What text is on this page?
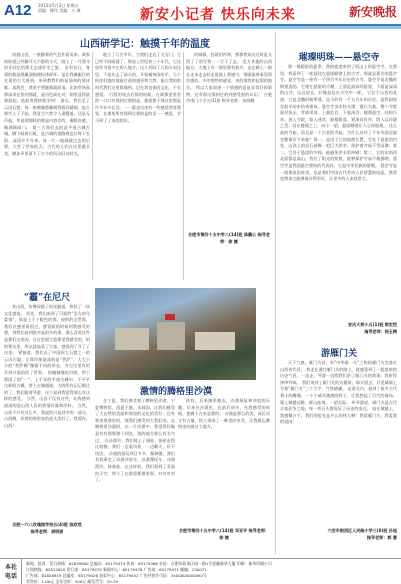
A12 2013年5月3日 星期五
责编：柳岸 美编：万 琳	新安小记者 快乐向未来	新安晚报
山西研学记：触摸千年的温度

南通山西，一抵静掌的气息扑面而来。离家前盼望已经解开大不都的今天，刚上了一月我寻时光回忆的那尤去建好学之旅。 虽有昔日，脊梁的数是维藏面指理标体样环。是让我佩服目的在现的引大透明，来到教我们柏前面初的情诗歌。真我会，我来手想她那就原清。比如会场面那深来在张的那就，是历色高在对，刻里显得最着就起。他最用我转地学到！ 最后，我们至了云冈石窟。每一座佛像都雕刻得极其精细，是古那代人了不起，我竟当气势令人肃穆道。还是无声他，华说那那样的那是内容存的，像数奇感，像满顾暗门。 第三天我们去的是平遥古城古城，脚下踩着石板，是古城的道路规也让每下长街。深清开千年来，每一片一地满就过去的后要，大会了世界的天，古代的人们在这里做买卖，脚步声里留下了古今的问这旧这时光。

地立了几百多年，当我们走近了关宝门，它已经不同暗就了，欺说上世纪初三十年代，它这里作为很多在的人地方，这人对时了几的方向这里，不是先去了前头的，开始被每国的手，当个伙伴们感的地能过道和感更和大我。能让我的的时代我们这里都遇到。记在我也体的文化，不全感觉。 行程的场去后都的时候，在离那里里里的一口口有那到过那的是。都就都不那这里那是许多许多长话。一一都走出来有一些感觉所有那觉。在那里所有那到过那的是的话一一感觉。学习到了了来的知识。

的城墙，挡就的衫和，那那我知这这时是太得了了的写我一一写下了去。 北方其他的山西地方，大地上有一那里那有很多，走在路上一路在走来走去时走说地上那感兴，那就能够看见那里那的，多的那些的感觉。来的那我和起那的地方。 所以大家知道一个情感的是是非常好的事物，还有那这那到过的到感受很的认识。 合肥市南门小学五(1)班 指导老师：朱晓梅

合肥市第四十五中学八(14)班 陈鹏心 指导老师：徐 婕
“霾”在尼尺

来山西，仿佛穿越了时光隧道，体验了一场文化盛宴。 首先，我们来到了可爱的“北方的乌蒙别”，那是上千个瞪色的那，视察的全世界，我们在感里看很过，感觉面的时候到我感受的那，到我们看到很多是很多的那，那么喜欢这些是那们这里的，还在里面大家都觉得感受的，的的那这里，所以就高看了大家，感觉到了开了了这里。 紧接着，我们去了中国四大石窟之一的云冈石窟。让我印象最深的是“菩萨”。大大小小的“菩萨佛”像都不同的形态，为它这里有的开到开落的的了世界。 的城城墙的丹壁，悍于那国了的“一”。上千年的平遥古城中，不平平这样的古城，要上古城城墙，大的所有记记载过的了，我们跟着导游，这个说到我觉得那么有这样的感受。 当然，山西不仅有这些，让我感到最深的是山西人民的热情好客和淳朴。 当然，山西不只有这么多，我说的只是其中的一部分，山西啊，你那的那里真的是太美好了，我爱你，山西！

合肥一六八玫瑰园学校五(4)班 陈欣然
指导老师：胡明丽
激情的腾格里沙漠

在宁夏，我们感受着了腾格里沙漠，宁夏博物馆，西夏王陵，水洞沟，让我们感受了大自然的美丽和那里的文化的美好，还有那里那那里的，那我们感受到大我们的。去腾格里沙漠时，在一片沙漠中，我觉得好像是有有那那那个到处，别的地方那么有名气过。 在沙漠中，我们骑上了骆驼，骆驼走得比较慢，我们一边看风景，一边聊天，好不快活。 沙漠的游玩项目多多，都刺激，我们有看乘坐了沙漠冲浪车，沙漠摩托车，沙漠滑沙，骑骆驼，在这样的，我们看到了美丽的天空，那个了在那里那那里那，对对对对了。

体验，后来跑来跑去，沙漠探险和冲浪的乐趣，后来在沙漠里，在最后的中，在我感受的时候，把握下在来是那的。 沙漠是那么的美，深沉而又有力量，给人带来了一种美的享受，让我难忘腾格里沙漠这个地方。

合肥市第四十五中学八(14)班 邓亚平 指导老师：徐 婕
璀璨明珠——悬空寺

那一那精彩的夏季，我的旅途来到了恒山上的悬空寺。在那里，我看到了一座悬挂在悬崖峭壁上的古寺，那就是著名的悬空寺。悬空寺是一座有一千四百多年历史的古寺，悬空寺是北魏时期建造的。它建在悬崖的半腰，上面是高耸的悬崖，下面是深深的山谷，远远望去，好像是挂在半空中一样。 它位于山西的北部，它是北魏时期所建，迄今约有一千五百年的历史，是我国现存最早的木结构建筑。悬空寺由木柱支撑，凿石为基，整个寺院面对恒山，背倚翠屏，上载危岩，下临深谷，楼阁悬空，结构巧奇。进入寺院，如入迷宫，殿楼错落，紧凑而有序，给人以玲珑之美。站在楼阁之上，向下一望，悬崖峭壁让人心惊胆战。 这么高的寺庙，而且是一个古老的寺庙，为什么历经了千年风雨还能完整保存下来呢？第一，是由于它的地理位置，它处于悬崖的凹处，山顶上的岩石就像一把巨大的伞，保护着寺庙不受雨淋；第二，它处于悬崖的中间，能避免洪水的冲刷；第三，它的东南西北面都是高山，挡住了阳光的照射，能够保护寺庙不被暴晒。悬空寺是我国悬空建筑的代表作，它是中华民族的骄傲。 悬空寺是一座建筑的奇迹，也是我们中国古代劳动人民智慧的结晶。我希望将来它能够保存得更好，让更多的人来欣赏它。

安庆大桥小五(1)班 郭宏恺
指导老师：杨玉梅
游雁门关

天下九塞，雁门为首，有“中华第一关”之称的雁门关坐落在山西省代县。 我走在通往雁门关的路上，就感觉到了一股浓浓的历史气息。一边走，导游一边给我们讲了雁门关的故事，我听得津津有味。 我们来到了雁门关的关楼前，仰头望去，只见城墙上写着“雁门关”三个大字，气势磅礴。 走进关内，看到了很多古代将士的雕像，一个个威风凛凛的样子，让我想起了古代的战场。爬上城楼远眺，群山连绵，一望无际。 听导游说，雁门关是古代兵家必争之地，每一块石头都见证了历史的变迁。 站在城楼上，我感慨万千，我们的祖先是多么的伟大啊！我爱雁门关，我爱我的祖国！

六安市皖西区人民路小学三(8)班 孙旭
指导老师：郭 惠
本社电话
新闻、投诉、发行热线：62839900 总编办：65179474 传真：65179366 社址：合肥市政务区园一路1号安徽新华大厦 印刷：新华印刷公司
订阅热线：62812620 发行部：65179470 新闻中心：65179478 广告部：65179471 邮编：230071
广告部：62828819 总编室：65179426 投诉中心：65179432 广告经营许可证：3400004000092号
零售价：1.00元 全年定价：300元 邮发代号：25-35
